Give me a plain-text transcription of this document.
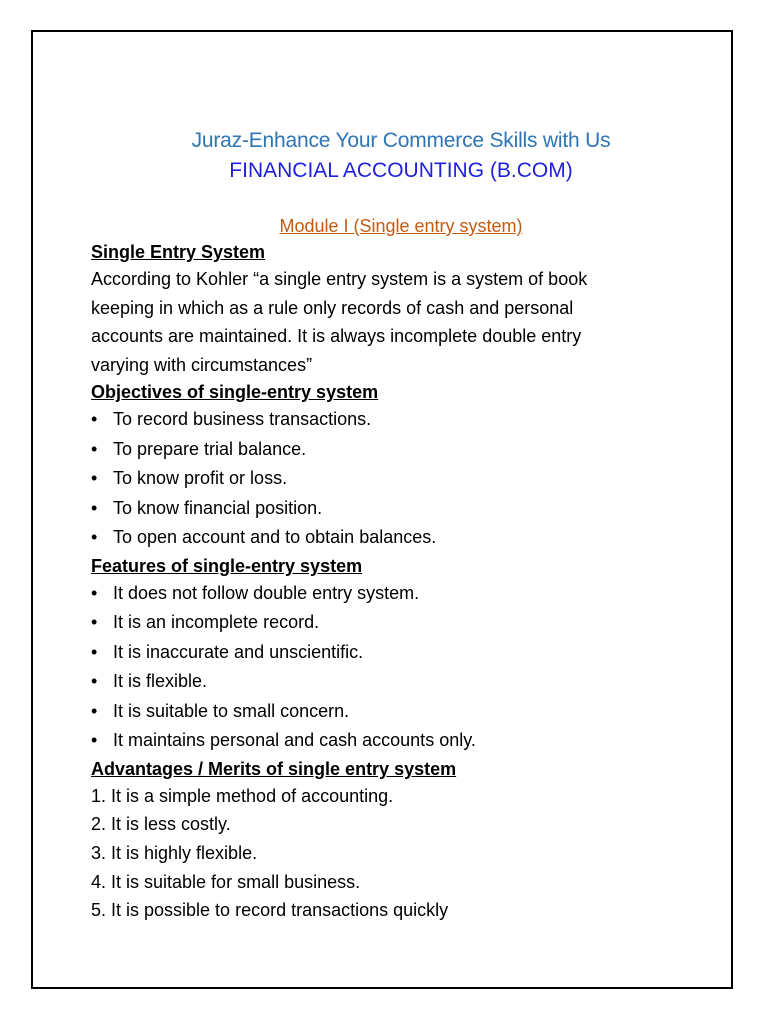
Juraz-Enhance Your Commerce Skills with Us
FINANCIAL ACCOUNTING (B.COM)
Module I (Single entry system)
Single Entry System
According to Kohler “a single entry system is a system of book
keeping in which as a rule only records of cash and personal
accounts are maintained. It is always incomplete double entry
varying with circumstances”
Objectives of single-entry system
• To record business transactions.
• To prepare trial balance.
• To know profit or loss.
• To know financial position.
• To open account and to obtain balances.
Features of single-entry system
• It does not follow double entry system.
• It is an incomplete record.
• It is inaccurate and unscientific.
• It is flexible.
• It is suitable to small concern.
• It maintains personal and cash accounts only.
Advantages / Merits of single entry system
1. It is a simple method of accounting.
2. It is less costly.
3. It is highly flexible.
4. It is suitable for small business.
5. It is possible to record transactions quickly
